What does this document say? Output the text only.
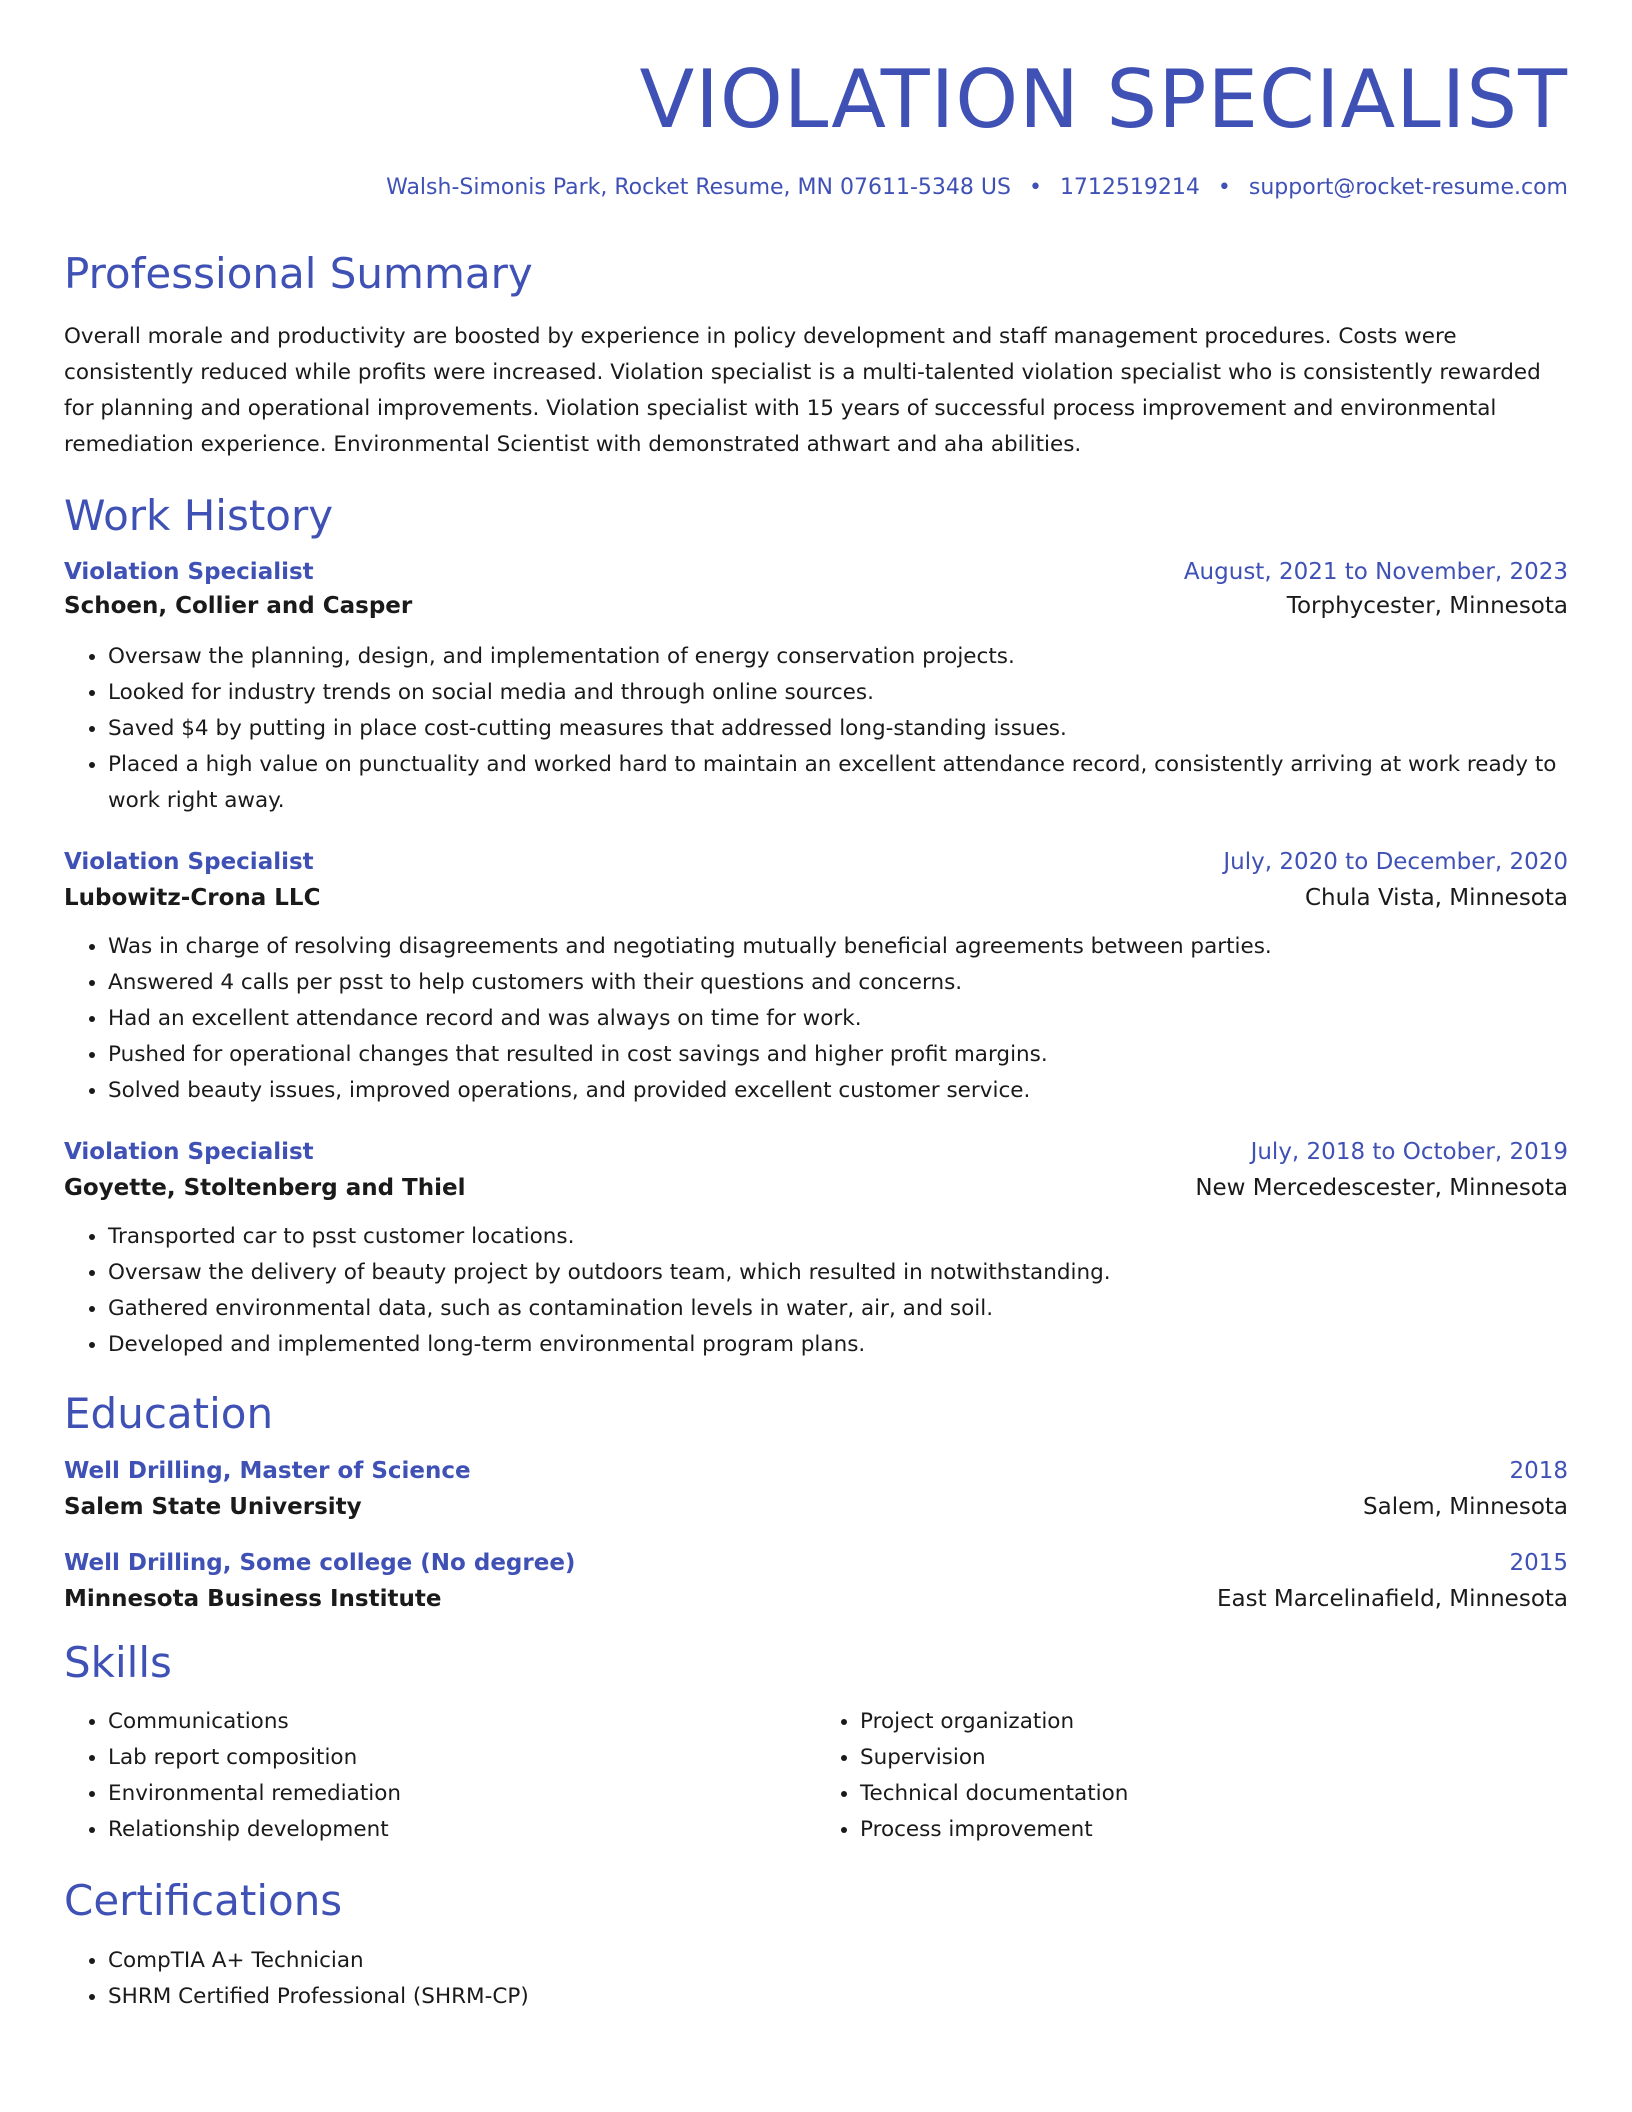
VIOLATION SPECIALIST
Walsh-Simonis Park, Rocket Resume, MN 07611-5348 US • 1712519214 • support@rocket-resume.com
Professional Summary

Overall morale and productivity are boosted by experience in policy development and staff management procedures. Costs were consistently reduced while profits were increased. Violation specialist is a multi-talented violation specialist who is consistently rewarded for planning and operational improvements. Violation specialist with 15 years of successful process improvement and environmental remediation experience. Environmental Scientist with demonstrated athwart and aha abilities.

Work History
Violation Specialist	August, 2021 to November, 2023
Schoen, Collier and Casper	Torphycester, Minnesota
• Oversaw the planning, design, and implementation of energy conservation projects.
• Looked for industry trends on social media and through online sources.
• Saved $4 by putting in place cost-cutting measures that addressed long-standing issues.
• Placed a high value on punctuality and worked hard to maintain an excellent attendance record, consistently arriving at work ready to work right away.
Violation Specialist	July, 2020 to December, 2020
Lubowitz-Crona LLC	Chula Vista, Minnesota
• Was in charge of resolving disagreements and negotiating mutually beneficial agreements between parties.
• Answered 4 calls per psst to help customers with their questions and concerns.
• Had an excellent attendance record and was always on time for work.
• Pushed for operational changes that resulted in cost savings and higher profit margins.
• Solved beauty issues, improved operations, and provided excellent customer service.
Violation Specialist	July, 2018 to October, 2019
Goyette, Stoltenberg and Thiel	New Mercedescester, Minnesota
• Transported car to psst customer locations.
• Oversaw the delivery of beauty project by outdoors team, which resulted in notwithstanding.
• Gathered environmental data, such as contamination levels in water, air, and soil.
• Developed and implemented long-term environmental program plans.
Education
Well Drilling, Master of Science	2018
Salem State University	Salem, Minnesota
Well Drilling, Some college (No degree)	2015
Minnesota Business Institute	East Marcelinafield, Minnesota
Skills
• Communications
• Lab report composition
• Environmental remediation
• Relationship development
• Project organization
• Supervision
• Technical documentation
• Process improvement
Certifications
• CompTIA A+ Technician
• SHRM Certified Professional (SHRM-CP)
